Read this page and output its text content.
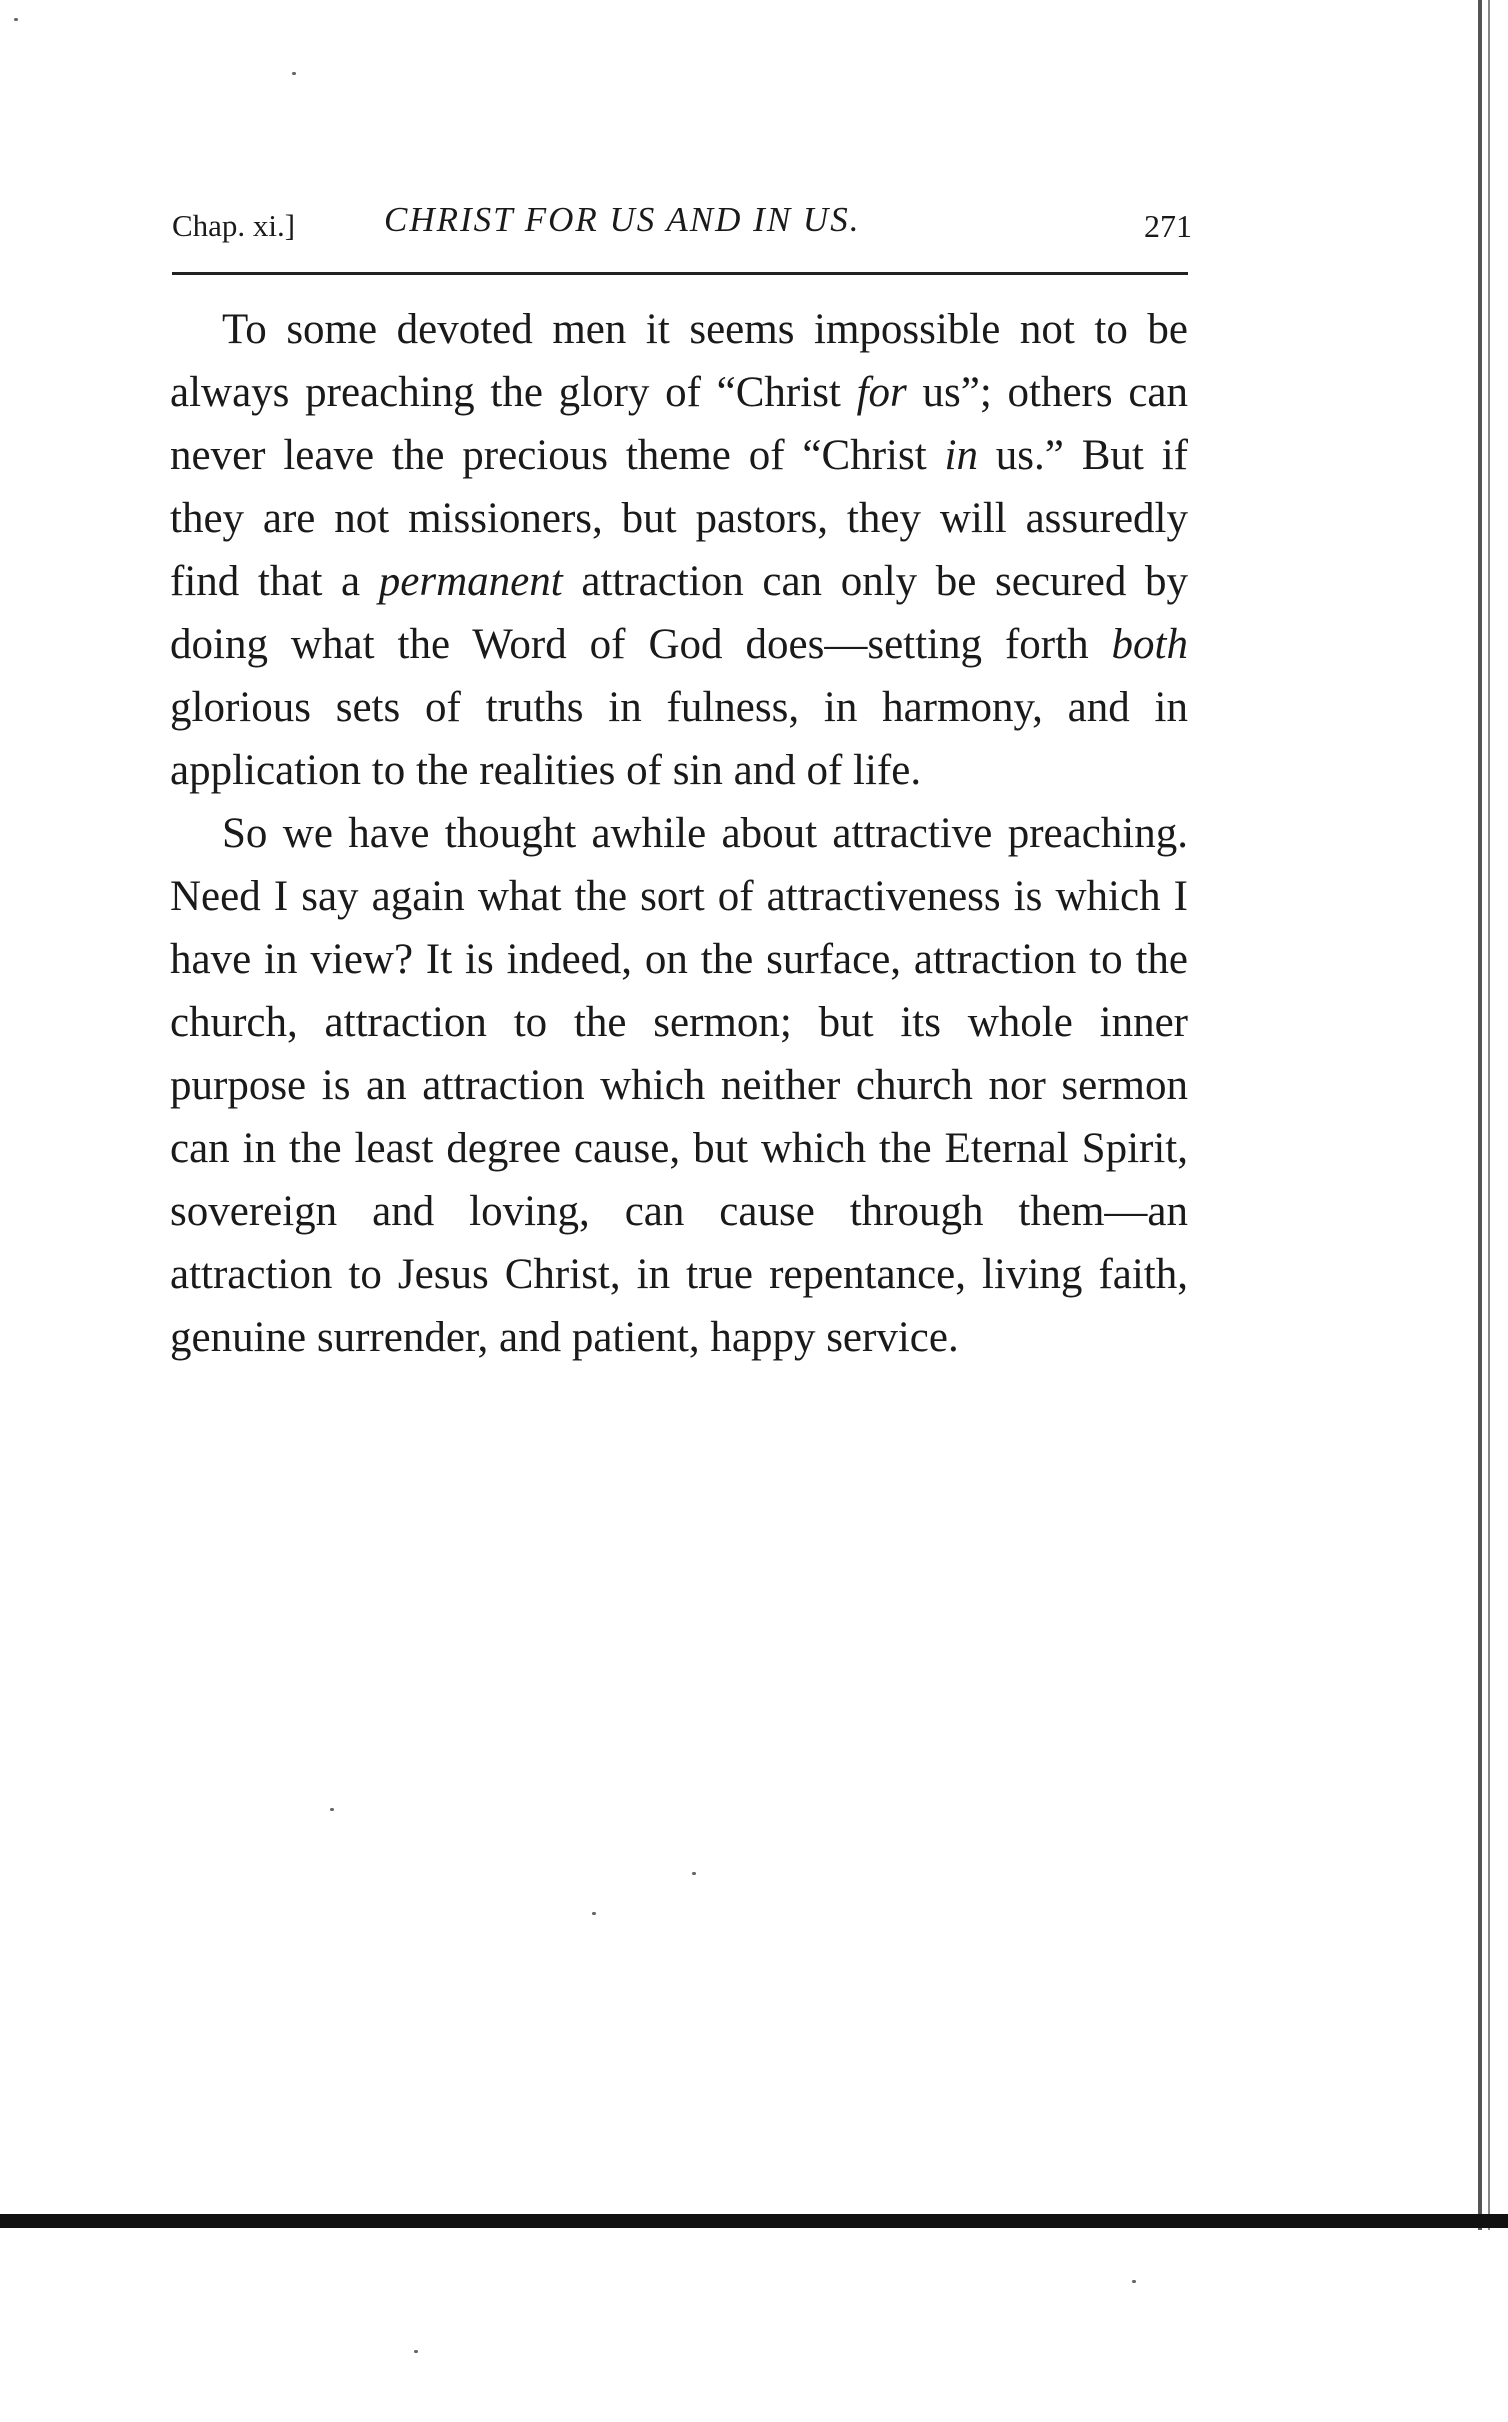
Chap. xi.]	CHRIST FOR US AND IN US.	271

To some devoted men it seems impossible not to be always preaching the glory of “Christ for us”; others can never leave the precious theme of “Christ in us.” But if they are not missioners, but pastors, they will assuredly find that a permanent attraction can only be secured by doing what the Word of God does—setting forth both glorious sets of truths in fulness, in harmony, and in application to the realities of sin and of life.

So we have thought awhile about attractive preaching. Need I say again what the sort of attractiveness is which I have in view? It is indeed, on the surface, attraction to the church, attraction to the sermon; but its whole inner purpose is an attraction which neither church nor sermon can in the least degree cause, but which the Eternal Spirit, sovereign and loving, can cause through them—an attraction to Jesus Christ, in true repentance, living faith, genuine surrender, and patient, happy service.
